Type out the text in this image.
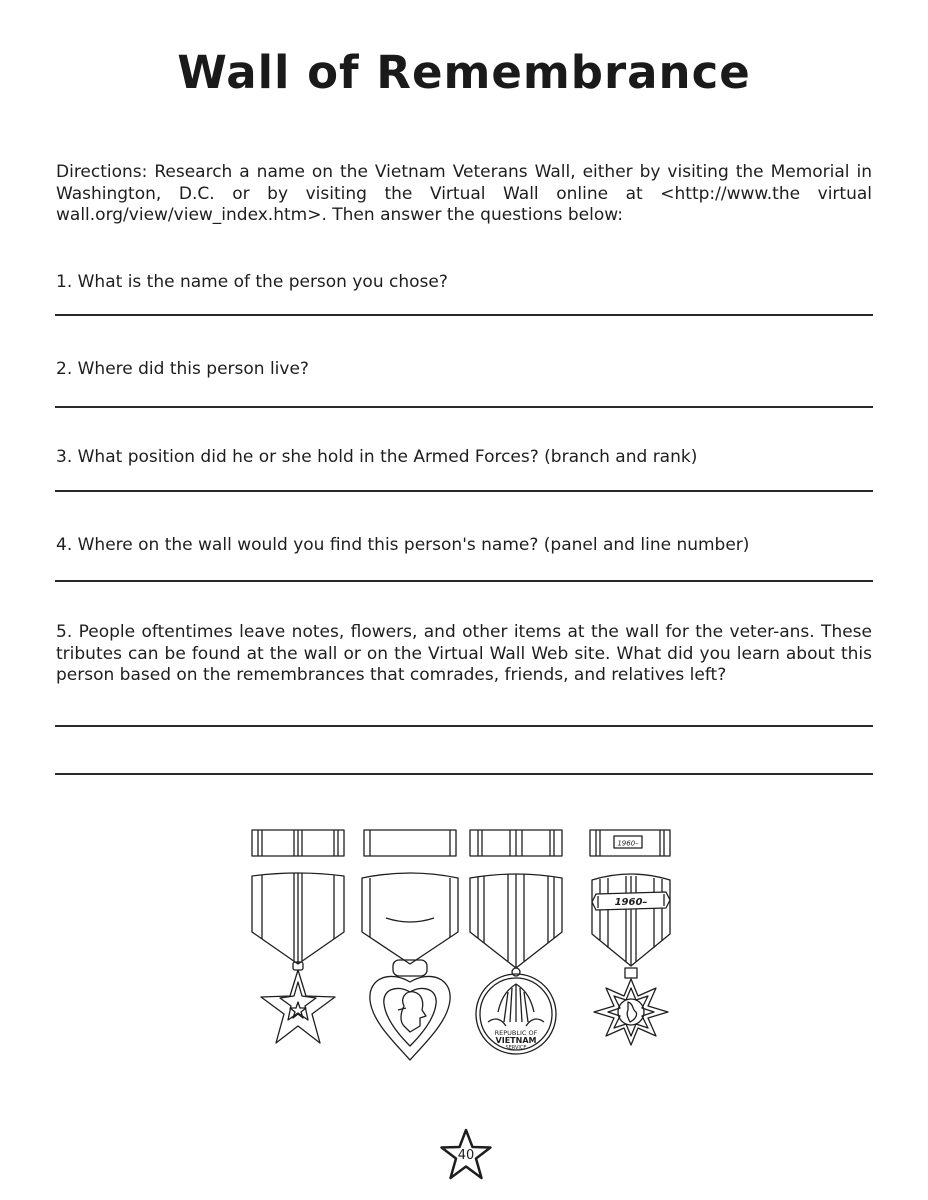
Wall of Remembrance

Directions: Research a name on the Vietnam Veterans Wall, either by visiting the Memorial in Washington, D.C. or by visiting the Virtual Wall online at <http://www.the virtual wall.org/view/view_index.htm>. Then answer the questions below:

1. What is the name of the person you chose?

2. Where did this person live?

3. What position did he or she hold in the Armed Forces? (branch and rank)

4. Where on the wall would you find this person's name? (panel and line number)

5. People oftentimes leave notes, flowers, and other items at the wall for the veter-ans. These tributes can be found at the wall or on the Virtual Wall Web site. What did you learn about this person based on the remembrances that comrades, friends, and relatives left?

REPUBLIC OF
VIETNAM
SERVICE
1960–
1960–
40
